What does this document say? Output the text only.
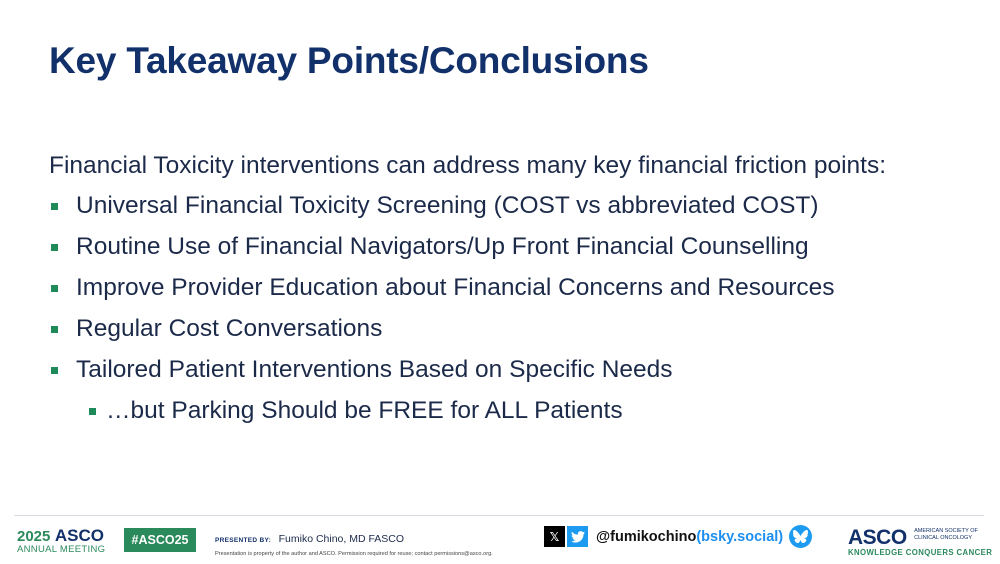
Key Takeaway Points/Conclusions
Financial Toxicity interventions can address many key financial friction points:
Universal Financial Toxicity Screening (COST vs abbreviated COST)
Routine Use of Financial Navigators/Up Front Financial Counselling
Improve Provider Education about Financial Concerns and Resources
Regular Cost Conversations
Tailored Patient Interventions Based on Specific Needs
…but Parking Should be FREE for ALL Patients
2025 ASCO
ANNUAL MEETING
#ASCO25	PRESENTED BY: Fumiko Chino, MD FASCO
Presentation is property of the author and ASCO. Permission required for reuse; contact permissions@asco.org.
𝕏	@fumikochino(bsky.social)	ASCO AMERICAN SOCIETY OF
CLINICAL ONCOLOGY
KNOWLEDGE CONQUERS CANCER
